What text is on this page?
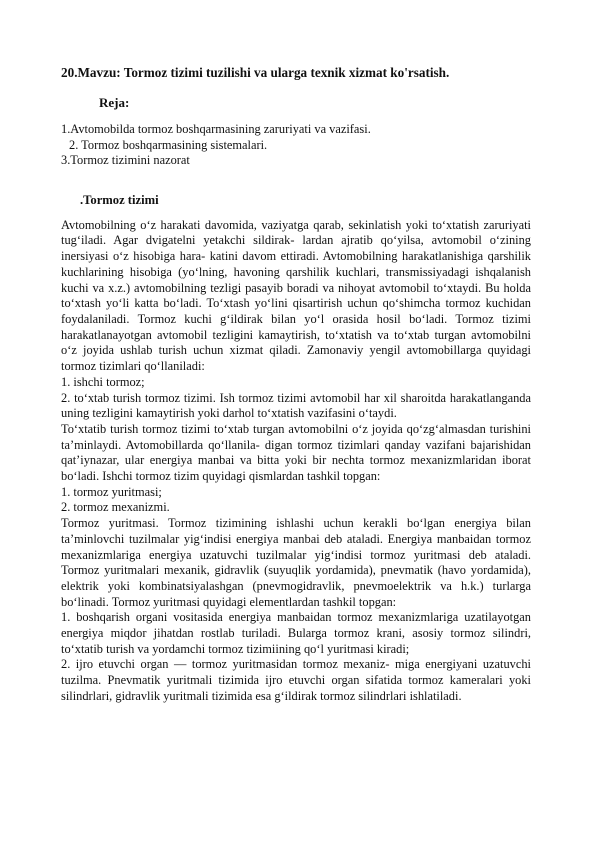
20.Mavzu: Tormoz tizimi tuzilishi va ularga texnik xizmat ko'rsatish.
Reja:
1.Avtomobilda tormoz boshqarmasining zaruriyati va vazifasi.
2. Tormoz boshqarmasining sistemalari.
3.Tormoz tizimini nazorat
.Tormoz tizimi

Avtomobilning o‘z harakati davomida, vaziyatga qarab, sekinlatish yoki to‘xtatish zaruriyati tug‘iladi. Agar dvigatelni yetakchi sildirak- lardan ajratib qo‘yilsa, avtomobil o‘zining inersiyasi o‘z hisobiga hara- katini davom ettiradi. Avtomobilning harakatlanishiga qarshilik kuchlarining hisobiga (yo‘lning, havoning qarshilik kuchlari, transmissiyadagi ishqalanish kuchi va x.z.) avtomobilning tezligi pasayib boradi va nihoyat avtomobil to‘xtaydi. Bu holda to‘xtash yo‘li katta bo‘ladi. To‘xtash yo‘lini qisartirish uchun qo‘shimcha tormoz kuchidan foydalaniladi. Tormoz kuchi g‘ildirak bilan yo‘l orasida hosil bo‘ladi. Tormoz tizimi harakatlanayotgan avtomobil tezligini kamaytirish, to‘xtatish va to‘xtab turgan avtomobilni o‘z joyida ushlab turish uchun xizmat qiladi. Zamonaviy yengil avtomobillarga quyidagi tormoz tizimlari qo‘llaniladi:

1. ishchi tormoz;

2. to‘xtab turish tormoz tizimi. Ish tormoz tizimi avtomobil har xil sharoitda harakatlanganda uning tezligini kamaytirish yoki darhol to‘xtatish vazifasini o‘taydi.

To‘xtatib turish tormoz tizimi to‘xtab turgan avtomobilni o‘z joyida qo‘zg‘almasdan turishini ta’minlaydi. Avtomobillarda qo‘llanila- digan tormoz tizimlari qanday vazifani bajarishidan qat’iynazar, ular energiya manbai va bitta yoki bir nechta tormoz mexanizmlaridan iborat bo‘ladi. Ishchi tormoz tizim quyidagi qismlardan tashkil topgan:

1. tormoz yuritmasi;

2. tormoz mexanizmi.

Tormoz yuritmasi. Tormoz tizimining ishlashi uchun kerakli bo‘lgan energiya bilan ta’minlovchi tuzilmalar yig‘indisi energiya manbai deb ataladi. Energiya manbaidan tormoz mexanizmlariga energiya uzatuvchi tuzilmalar yig‘indisi tormoz yuritmasi deb ataladi. Tormoz yuritmalari mexanik, gidravlik (suyuqlik yordamida), pnevmatik (havo yordamida), elektrik yoki kombinatsiyalashgan (pnevmogidravlik, pnevmoelektrik va h.k.) turlarga bo‘linadi. Tormoz yuritmasi quyidagi elementlardan tashkil topgan:

1. boshqarish organi vositasida energiya manbaidan tormoz mexanizmlariga uzatilayotgan energiya miqdor jihatdan rostlab turiladi. Bularga tormoz krani, asosiy tormoz silindri, to‘xtatib turish va yordamchi tormoz tizimiining qo‘l yuritmasi kiradi;

2. ijro etuvchi organ — tormoz yuritmasidan tormoz mexaniz- miga energiyani uzatuvchi tuzilma. Pnevmatik yuritmali tizimida ijro etuvchi organ sifatida tormoz kameralari yoki silindrlari, gidravlik yuritmali tizimida esa g‘ildirak tormoz silindrlari ishlatiladi.
